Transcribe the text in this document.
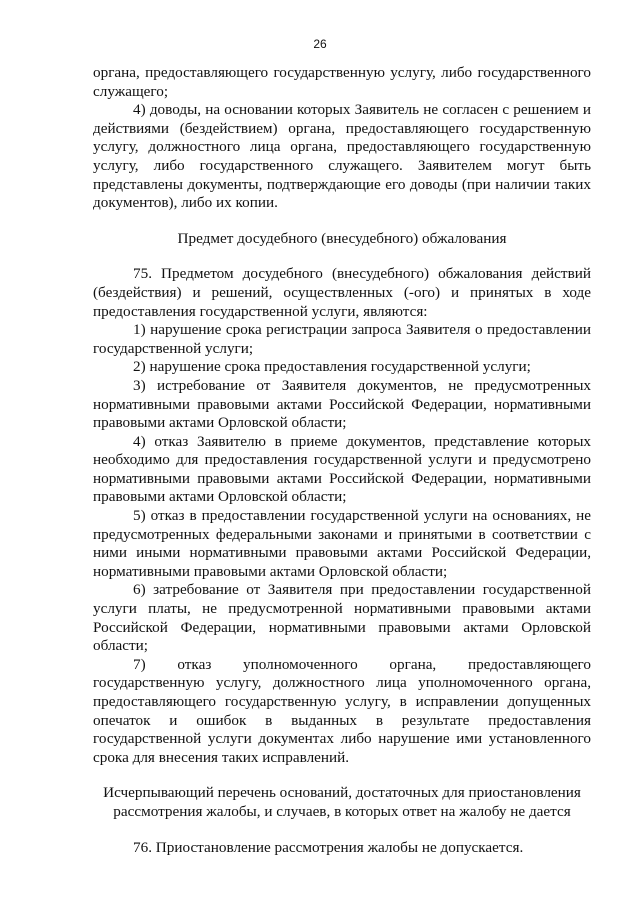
26

органа, предоставляющего государственную услугу, либо государственного служащего;

4) доводы, на основании которых Заявитель не согласен с решением и действиями (бездействием) органа, предоставляющего государственную услугу, должностного лица органа, предоставляющего государственную услугу, либо государственного служащего. Заявителем могут быть представлены документы, подтверждающие его доводы (при наличии таких документов), либо их копии.

Предмет досудебного (внесудебного) обжалования

75. Предметом досудебного (внесудебного) обжалования действий (бездействия) и решений, осуществленных (-ого) и принятых в ходе предоставления государственной услуги, являются:

1) нарушение срока регистрации запроса Заявителя о предоставлении государственной услуги;

2) нарушение срока предоставления государственной услуги;

3) истребование от Заявителя документов, не предусмотренных нормативными правовыми актами Российской Федерации, нормативными правовыми актами Орловской области;

4) отказ Заявителю в приеме документов, представление которых необходимо для предоставления государственной услуги и предусмотрено нормативными правовыми актами Российской Федерации, нормативными правовыми актами Орловской области;

5) отказ в предоставлении государственной услуги на основаниях, не предусмотренных федеральными законами и принятыми в соответствии с ними иными нормативными правовыми актами Российской Федерации, нормативными правовыми актами Орловской области;

6) затребование от Заявителя при предоставлении государственной услуги платы, не предусмотренной нормативными правовыми актами Российской Федерации, нормативными правовыми актами Орловской области;

7) отказ уполномоченного органа, предоставляющего государственную услугу, должностного лица уполномоченного органа, предоставляющего государственную услугу, в исправлении допущенных опечаток и ошибок в выданных в результате предоставления государственной услуги документах либо нарушение ими установленного срока для внесения таких исправлений.

Исчерпывающий перечень оснований, достаточных для приостановления рассмотрения жалобы, и случаев, в которых ответ на жалобу не дается

76. Приостановление рассмотрения жалобы не допускается.
